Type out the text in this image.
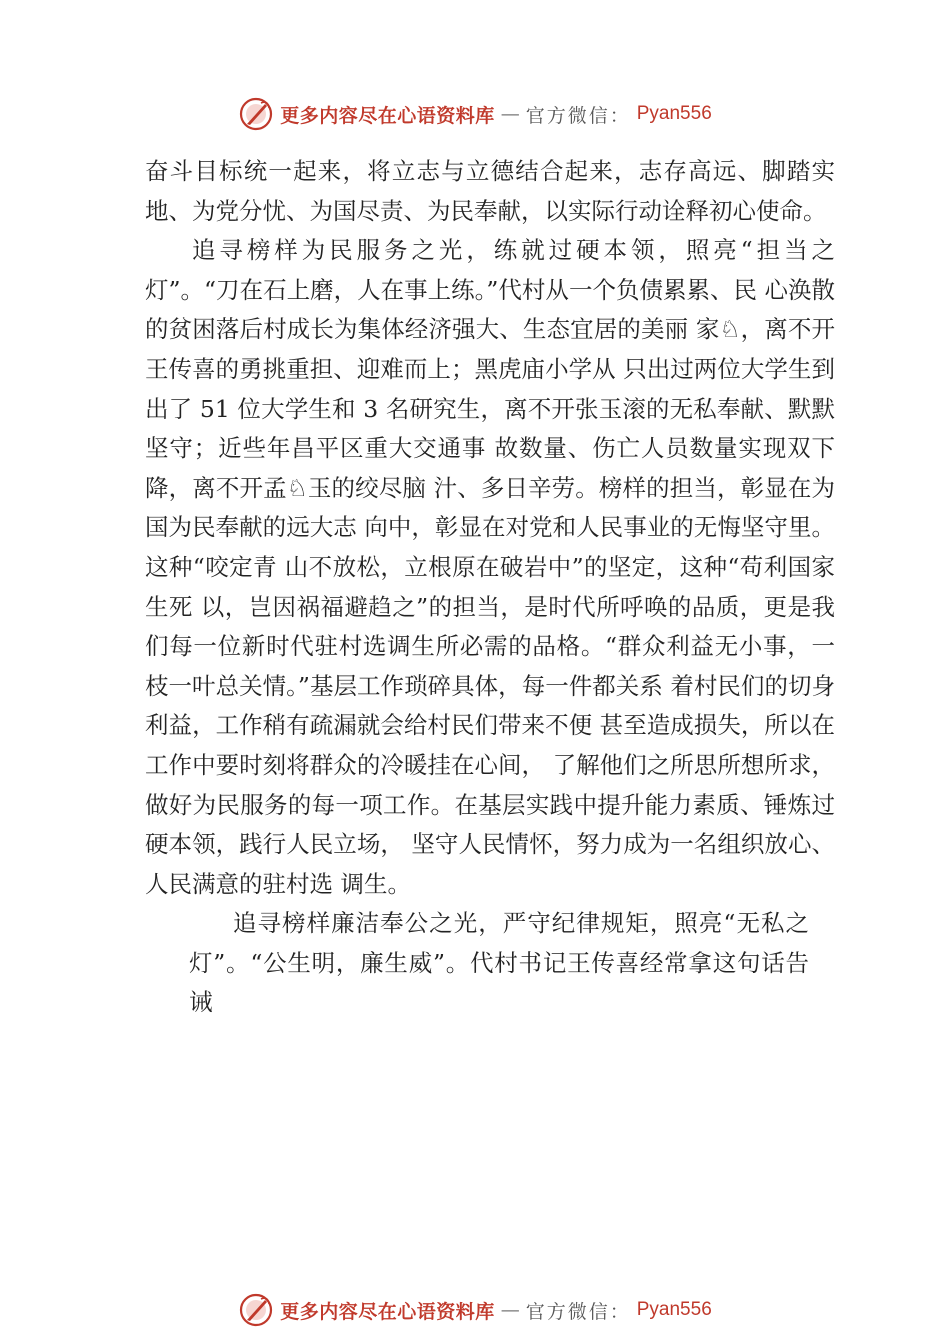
更多内容尽在心语资料库 — 官方微信： Pyan556

奋斗目标统一起来，将立志与立德结合起来，志存高远、脚踏实地、为党分忧、为国尽责、为民奉献，以实际行动诠释初心使命。

追寻榜样为民服务之光，练就过硬本领，照亮“担当之灯”。“刀在石上磨，人在事上练。”代村从一个负债累累、民 心涣散的贫困落后村成长为集体经济强大、生态宜居的美丽 家♘，离不开王传喜的勇挑重担、迎难而上；黑虎庙小学从 只出过两位大学生到出了 51 位大学生和 3 名研究生，离不开张玉滚的无私奉献、默默坚守；近些年昌平区重大交通事 故数量、伤亡人员数量实现双下降，离不开孟♘玉的绞尽脑 汁、多日辛劳。榜样的担当，彰显在为国为民奉献的远大志 向中，彰显在对党和人民事业的无悔坚守里。这种“咬定青 山不放松，立根原在破岩中”的坚定，这种“苟利国家生死 以，岂因祸福避趋之”的担当，是时代所呼唤的品质，更是我们每一位新时代驻村选调生所必需的品格。“群众利益无小事，一枝一叶总关情。”基层工作琐碎具体，每一件都关系 着村民们的切身利益，工作稍有疏漏就会给村民们带来不便 甚至造成损失，所以在工作中要时刻将群众的冷暖挂在心间， 了解他们之所思所想所求，做好为民服务的每一项工作。在基层实践中提升能力素质、锤炼过硬本领，践行人民立场， 坚守人民情怀，努力成为一名组织放心、人民满意的驻村选 调生。

追寻榜样廉洁奉公之光，严守纪律规矩，照亮“无私之灯”。“公生明，廉生威”。代村书记王传喜经常拿这句话告诫

更多内容尽在心语资料库 — 官方微信： Pyan556
